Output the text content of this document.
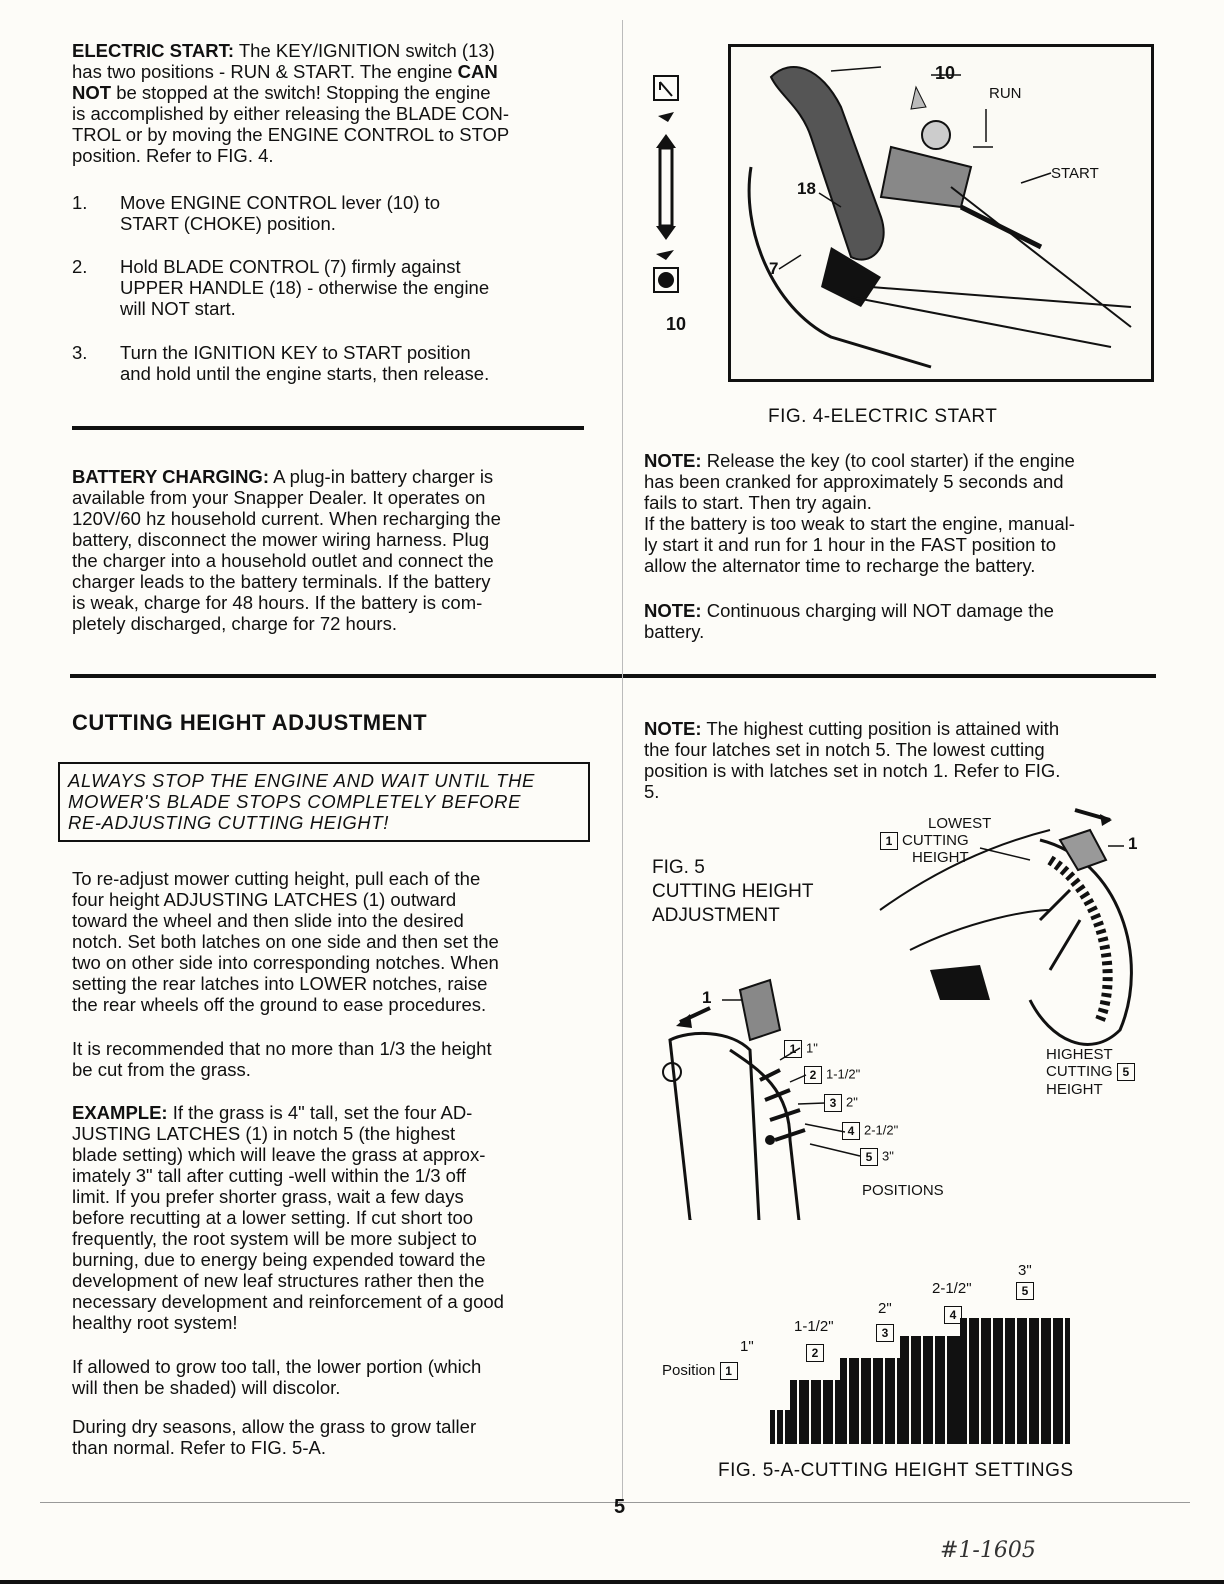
ELECTRIC START: The KEY/IGNITION switch (13)
has two positions - RUN & START. The engine CAN
NOT be stopped at the switch! Stopping the engine
is accomplished by either releasing the BLADE CON-
TROL or by moving the ENGINE CONTROL to STOP
position. Refer to FIG. 4.
1. Move ENGINE CONTROL lever (10) to
START (CHOKE) position.
2. Hold BLADE CONTROL (7) firmly against
UPPER HANDLE (18) - otherwise the engine
will NOT start.
3. Turn the IGNITION KEY to START position
and hold until the engine starts, then release.
BATTERY CHARGING: A plug-in battery charger is
available from your Snapper Dealer. It operates on
120V/60 hz household current. When recharging the
battery, disconnect the mower wiring harness. Plug
the charger into a household outlet and connect the
charger leads to the battery terminals. If the battery
is weak, charge for 48 hours. If the battery is com-
pletely discharged, charge for 72 hours.
10
10
RUN
START
18
7
FIG. 4-ELECTRIC START
NOTE: Release the key (to cool starter) if the engine
has been cranked for approximately 5 seconds and
fails to start. Then try again.
If the battery is too weak to start the engine, manual-
ly start it and run for 1 hour in the FAST position to
allow the alternator time to recharge the battery.
NOTE: Continuous charging will NOT damage the
battery.
CUTTING HEIGHT ADJUSTMENT
ALWAYS STOP THE ENGINE AND WAIT UNTIL THE
MOWER'S BLADE STOPS COMPLETELY BEFORE
RE-ADJUSTING CUTTING HEIGHT!
To re-adjust mower cutting height, pull each of the
four height ADJUSTING LATCHES (1) outward
toward the wheel and then slide into the desired
notch. Set both latches on one side and then set the
two on other side into corresponding notches. When
setting the rear latches into LOWER notches, raise
the rear wheels off the ground to ease procedures.
It is recommended that no more than 1/3 the height
be cut from the grass.
EXAMPLE: If the grass is 4" tall, set the four AD-
JUSTING LATCHES (1) in notch 5 (the highest
blade setting) which will leave the grass at approx-
imately 3" tall after cutting -well within the 1/3 off
limit. If you prefer shorter grass, wait a few days
before recutting at a lower setting. If cut short too
frequently, the root system will be more subject to
burning, due to energy being expended toward the
development of new leaf structures rather then the
necessary development and reinforcement of a good
healthy root system!
If allowed to grow too tall, the lower portion (which
will then be shaded) will discolor.
During dry seasons, allow the grass to grow taller
than normal. Refer to FIG. 5-A.
NOTE: The highest cutting position is attained with
the four latches set in notch 5. The lowest cutting
position is with latches set in notch 1. Refer to FIG.
5.
FIG. 5
CUTTING HEIGHT
ADJUSTMENT
LOWEST
1 CUTTING
HEIGHT
1
1
HIGHEST
CUTTING 5
HEIGHT
1 1"
2 1-1/2"
3 2"
4 2-1/2"
5 3"
POSITIONS
Position 1
1"	2
1-1/2"	3
2"	4
2-1/2"	5
3"
FIG. 5-A-CUTTING HEIGHT SETTINGS
5
#1-1605
